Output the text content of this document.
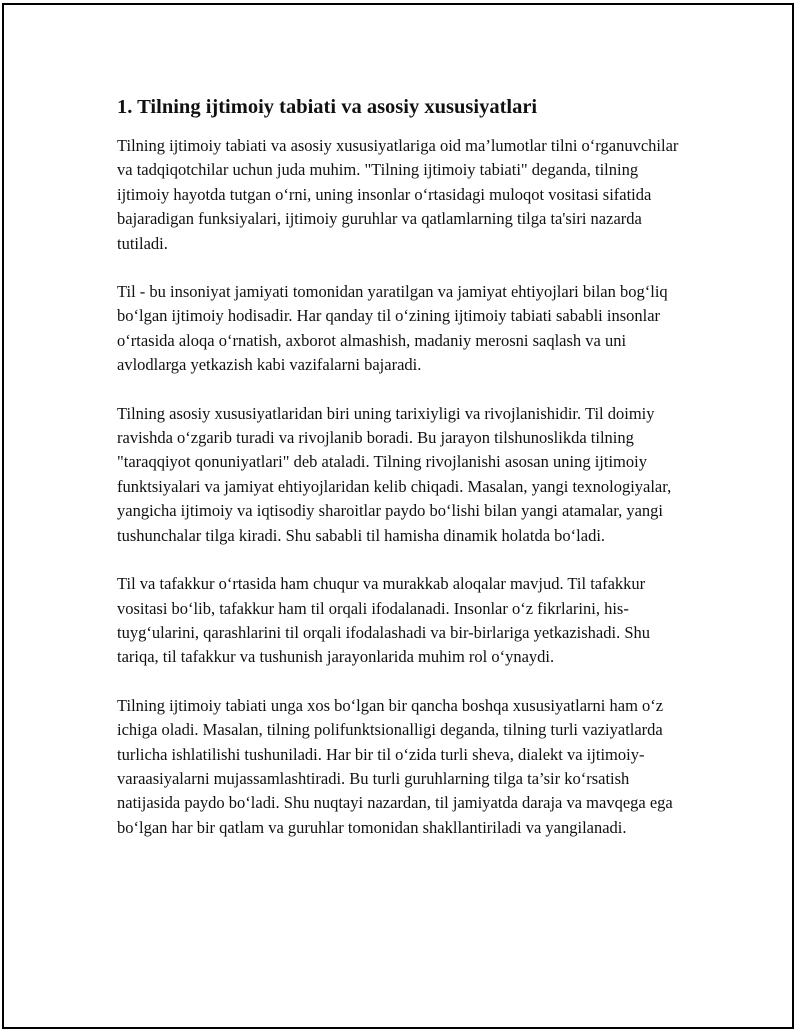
1. Tilning ijtimoiy tabiati va asosiy xususiyatlari

Tilning ijtimoiy tabiati va asosiy xususiyatlariga oid ma’lumotlar tilni o‘rganuvchilar va tadqiqotchilar uchun juda muhim. "Tilning ijtimoiy tabiati" deganda, tilning ijtimoiy hayotda tutgan o‘rni, uning insonlar o‘rtasidagi muloqot vositasi sifatida bajaradigan funksiyalari, ijtimoiy guruhlar va qatlamlarning tilga ta'siri nazarda tutiladi.

Til - bu insoniyat jamiyati tomonidan yaratilgan va jamiyat ehtiyojlari bilan bog‘liq bo‘lgan ijtimoiy hodisadir. Har qanday til o‘zining ijtimoiy tabiati sababli insonlar o‘rtasida aloqa o‘rnatish, axborot almashish, madaniy merosni saqlash va uni avlodlarga yetkazish kabi vazifalarni bajaradi.

Tilning asosiy xususiyatlaridan biri uning tarixiyligi va rivojlanishidir. Til doimiy ravishda o‘zgarib turadi va rivojlanib boradi. Bu jarayon tilshunoslikda tilning "taraqqiyot qonuniyatlari" deb ataladi. Tilning rivojlanishi asosan uning ijtimoiy funktsiyalari va jamiyat ehtiyojlaridan kelib chiqadi. Masalan, yangi texnologiyalar, yangicha ijtimoiy va iqtisodiy sharoitlar paydo bo‘lishi bilan yangi atamalar, yangi tushunchalar tilga kiradi. Shu sababli til hamisha dinamik holatda bo‘ladi.

Til va tafakkur o‘rtasida ham chuqur va murakkab aloqalar mavjud. Til tafakkur vositasi bo‘lib, tafakkur ham til orqali ifodalanadi. Insonlar o‘z fikrlarini, his-tuyg‘ularini, qarashlarini til orqali ifodalashadi va bir-birlariga yetkazishadi. Shu tariqa, til tafakkur va tushunish jarayonlarida muhim rol o‘ynaydi.

Tilning ijtimoiy tabiati unga xos bo‘lgan bir qancha boshqa xususiyatlarni ham o‘z ichiga oladi. Masalan, tilning polifunktsionalligi deganda, tilning turli vaziyatlarda turlicha ishlatilishi tushuniladi. Har bir til o‘zida turli sheva, dialekt va ijtimoiy-varaasiyalarni mujassamlashtiradi. Bu turli guruhlarning tilga ta’sir ko‘rsatish natijasida paydo bo‘ladi. Shu nuqtayi nazardan, til jamiyatda daraja va mavqega ega bo‘lgan har bir qatlam va guruhlar tomonidan shakllantiriladi va yangilanadi.
